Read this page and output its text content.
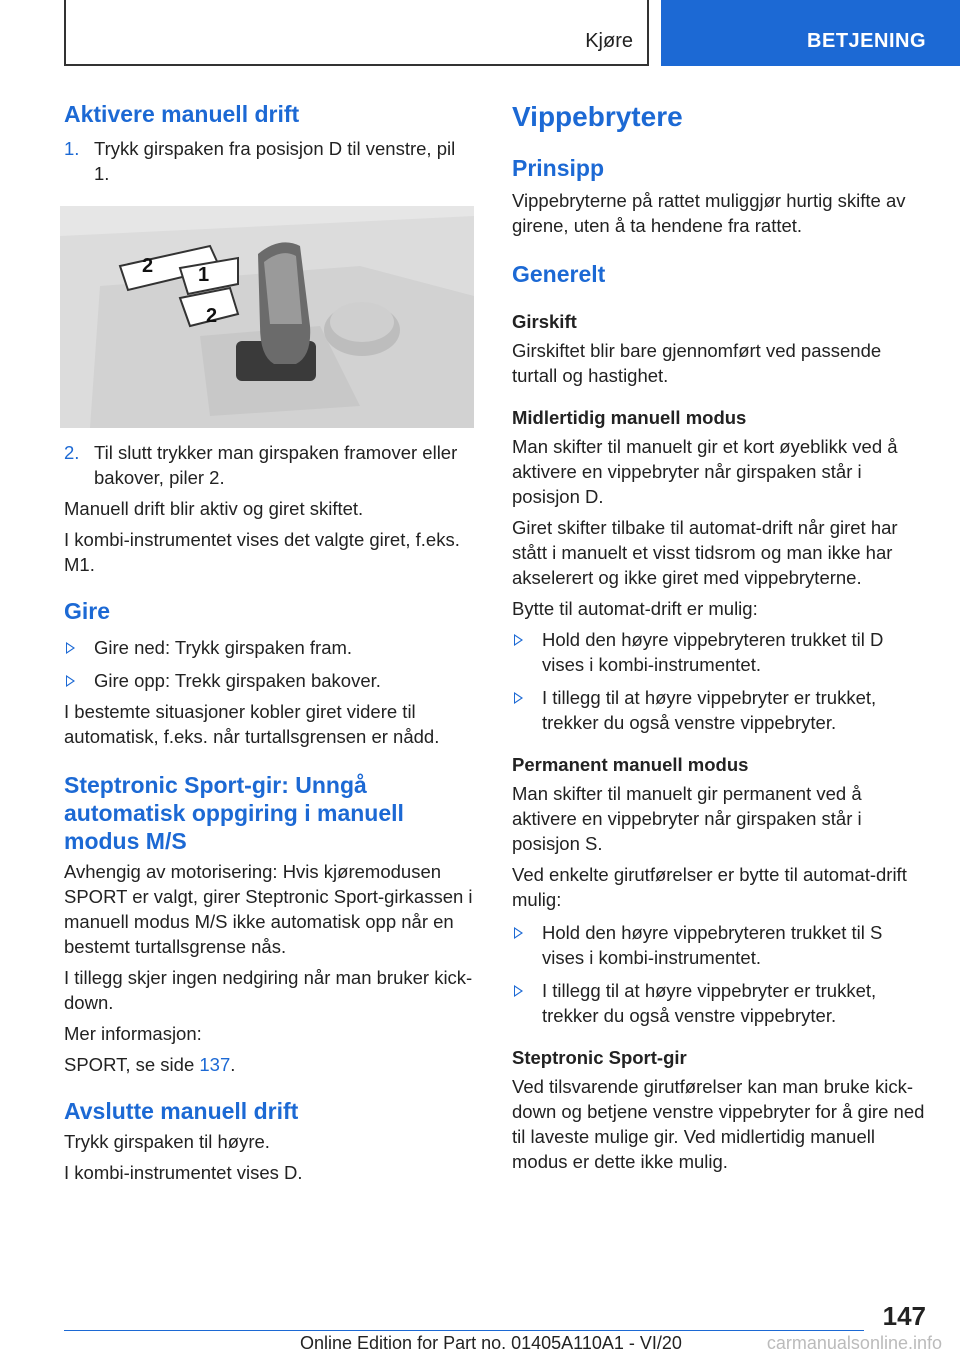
Kjøre	BETJENING
Aktivere manuell drift
1. Trykk girspaken fra posisjon D til venstre, pil 1.
2 1
2
2. Til slutt trykker man girspaken framover eller bakover, piler 2.

Manuell drift blir aktiv og giret skiftet.

I kombi-instrumentet vises det valgte giret, f.eks. M1.

Gire
Gire ned: Trykk girspaken fram.
Gire opp: Trekk girspaken bakover.

I bestemte situasjoner kobler giret videre til automatisk, f.eks. når turtallsgrensen er nådd.

Steptronic Sport-gir: Unngå automatisk oppgiring i manuell modus M/S

Avhengig av motorisering: Hvis kjøremodusen SPORT er valgt, girer Steptronic Sport-girkassen i manuell modus M/S ikke automatisk opp når en bestemt turtallsgrense nås.

I tillegg skjer ingen nedgiring når man bruker kick-down.

Mer informasjon:

SPORT, se side 137.

Avslutte manuell drift

Trykk girspaken til høyre.

I kombi-instrumentet vises D.

Vippebrytere
Prinsipp

Vippebryterne på rattet muliggjør hurtig skifte av girene, uten å ta hendene fra rattet.

Generelt
Girskift

Girskiftet blir bare gjennomført ved passende turtall og hastighet.

Midlertidig manuell modus

Man skifter til manuelt gir et kort øyeblikk ved å aktivere en vippebryter når girspaken står i posisjon D.

Giret skifter tilbake til automat-drift når giret har stått i manuelt et visst tidsrom og man ikke har akselerert og ikke giret med vippebryterne.

Bytte til automat-drift er mulig:

Hold den høyre vippebryteren trukket til D vises i kombi-instrumentet.
I tillegg til at høyre vippebryter er trukket, trekker du også venstre vippebryter.
Permanent manuell modus

Man skifter til manuelt gir permanent ved å aktivere en vippebryter når girspaken står i posisjon S.

Ved enkelte girutførelser er bytte til automat-drift mulig:

Hold den høyre vippebryteren trukket til S vises i kombi-instrumentet.
I tillegg til at høyre vippebryter er trukket, trekker du også venstre vippebryter.
Steptronic Sport-gir

Ved tilsvarende girutførelser kan man bruke kick-down og betjene venstre vippebryter for å gire ned til laveste mulige gir. Ved midlertidig manuell modus er dette ikke mulig.

147
Online Edition for Part no. 01405A110A1 - VI/20	carmanualsonline.info
